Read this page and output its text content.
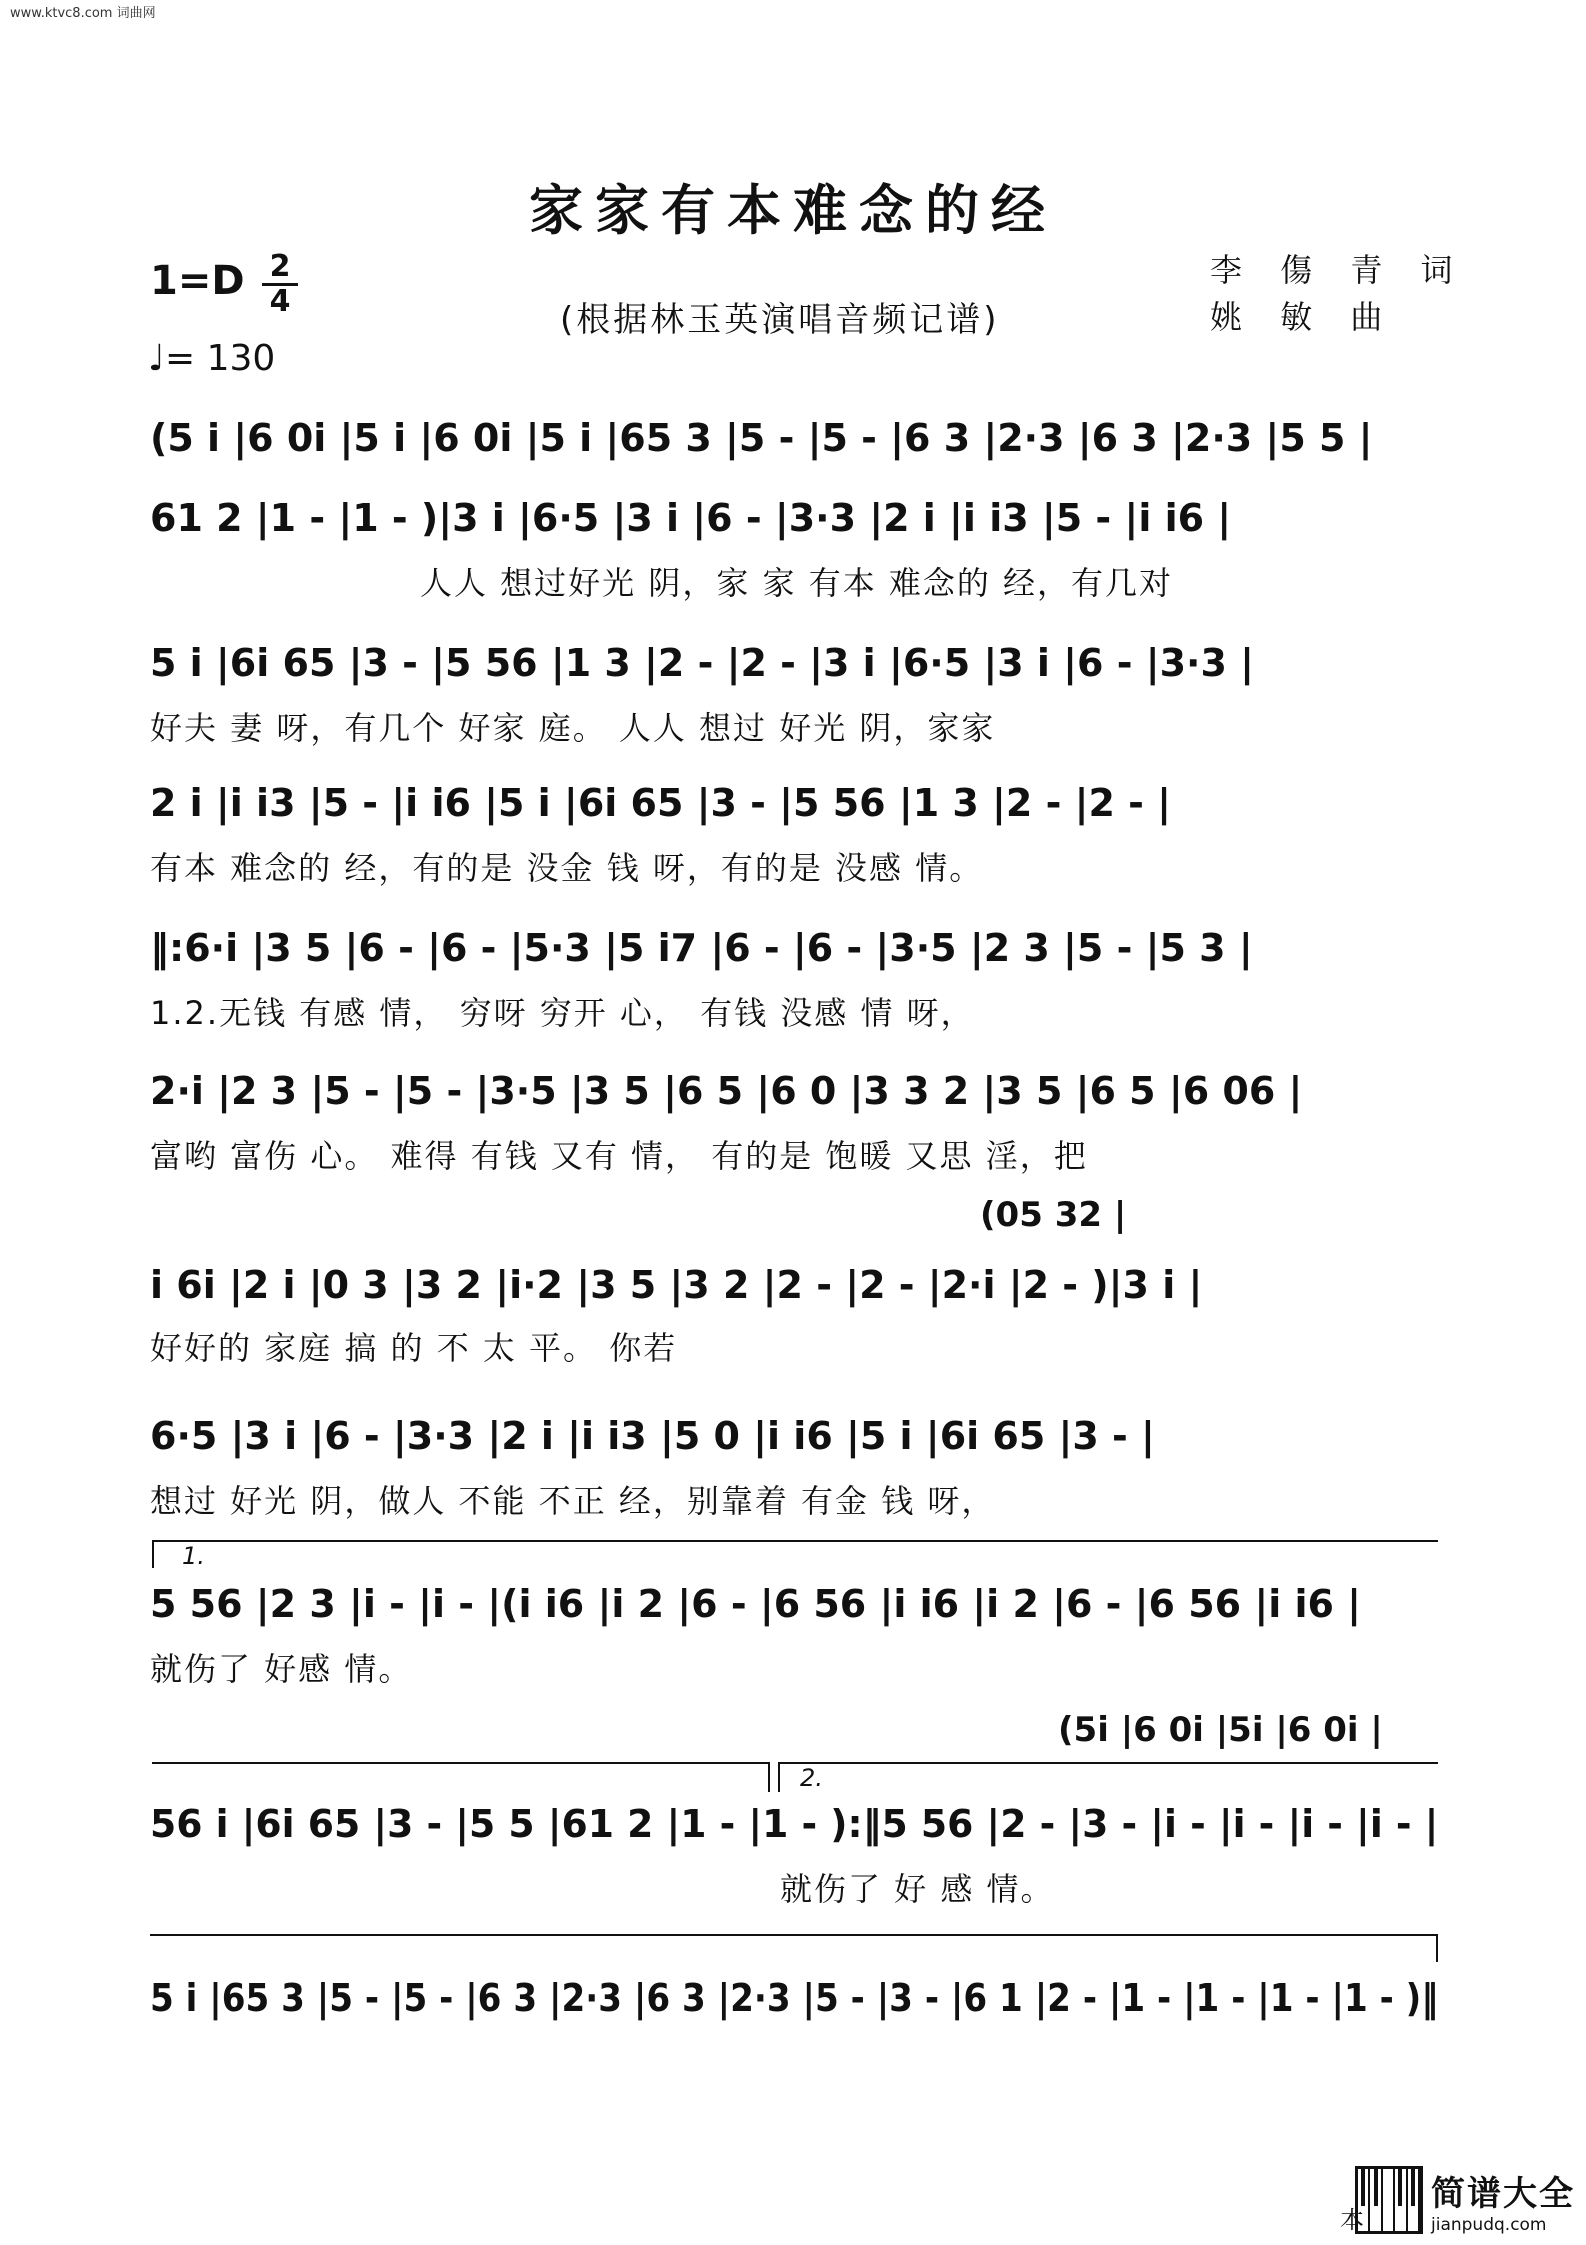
www.ktvc8.com 词曲网
家家有本难念的经
1=D 2
4
♩= 130
(根据林玉英演唱音频记谱)
李 傷 青 词
姚 敏 曲
(5 i |6 0i |5 i |6 0i |5 i |65 3 |5 - |5 - |6 3 |2·3 |6 3 |2·3 |5 5 |
61 2 |1 - |1 - )|3 i |6·5 |3 i |6 - |3·3 |2 i |i i3 |5 - |i i6 |
人人 想过好光 阴，家 家 有本 难念的 经，有几对
5 i |6i 65 |3 - |5 56 |1 3 |2 - |2 - |3 i |6·5 |3 i |6 - |3·3 |
好夫 妻 呀，有几个 好家 庭。 人人 想过 好光 阴，家家
2 i |i i3 |5 - |i i6 |5 i |6i 65 |3 - |5 56 |1 3 |2 - |2 - |
有本 难念的 经，有的是 没金 钱 呀，有的是 没感 情。
‖:6·i |3 5 |6 - |6 - |5·3 |5 i7 |6 - |6 - |3·5 |2 3 |5 - |5 3 |
1.2.无钱 有感 情， 穷呀 穷开 心， 有钱 没感 情 呀，
2·i |2 3 |5 - |5 - |3·5 |3 5 |6 5 |6 0 |3 3 2 |3 5 |6 5 |6 06 |
富哟 富伤 心。 难得 有钱 又有 情， 有的是 饱暖 又思 淫，把
(05 32 |
i 6i |2 i |0 3 |3 2 |i·2 |3 5 |3 2 |2 - |2 - |2·i |2 - )|3 i |
好好的 家庭 搞 的 不 太 平。 你若
6·5 |3 i |6 - |3·3 |2 i |i i3 |5 0 |i i6 |5 i |6i 65 |3 - |
想过 好光 阴，做人 不能 不正 经，别靠着 有金 钱 呀，
1.
5 56 |2 3 |i - |i - |(i i6 |i 2 |6 - |6 56 |i i6 |i 2 |6 - |6 56 |i i6 |
就伤了 好感 情。
(5i |6 0i |5i |6 0i |
2.
56 i |6i 65 |3 - |5 5 |61 2 |1 - |1 - ):‖5 56 |2 - |3 - |i - |i - |i - |i - |
就伤了 好 感 情。
5 i |65 3 |5 - |5 - |6 3 |2·3 |6 3 |2·3 |5 - |3 - |6 1 |2 - |1 - |1 - |1 - |1 - )‖
本
简谱大全
jianpudq.com
